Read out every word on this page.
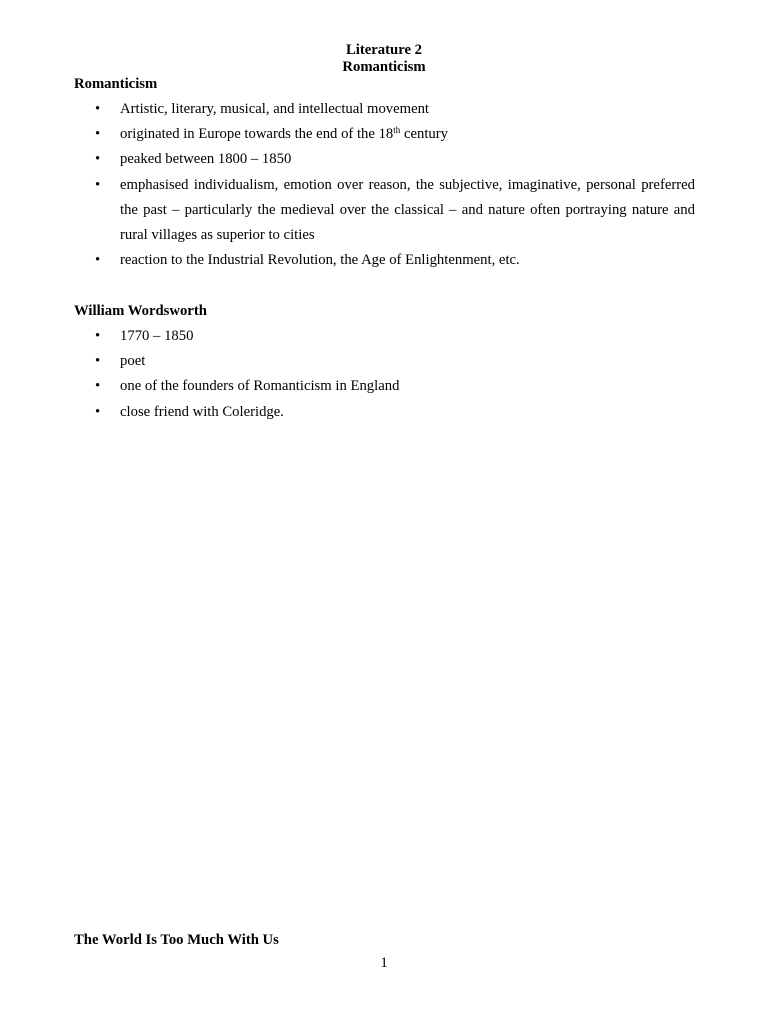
Literature 2
Romanticism
Romanticism
• Artistic, literary, musical, and intellectual movement
• originated in Europe towards the end of the 18th century
• peaked between 1800 – 1850
• emphasised individualism, emotion over reason, the subjective, imaginative, personal preferred the past – particularly the medieval over the classical – and nature often portraying nature and rural villages as superior to cities
• reaction to the Industrial Revolution, the Age of Enlightenment, etc.
William Wordsworth
• 1770 – 1850
• poet
• one of the founders of Romanticism in England
• close friend with Coleridge.
The World Is Too Much With Us
1
